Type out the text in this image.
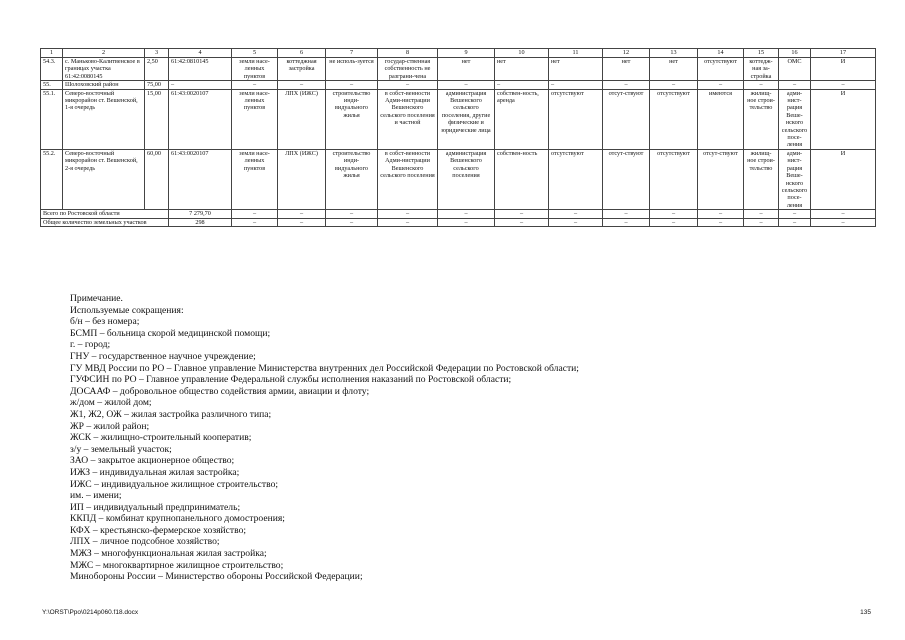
1	2	3	4	5	6	7	8	9	10	11	12	13	14	15	16	17
54.3.	с. Маньково-Калитвенское в границах участка 61:42:0080145	2,50	61:42:0810145	земли насе-ленных пунктов	коттеджная застройка	не исполь-зуется	государ-ственная собственность не разграни-чена	нет	нет	нет	нет	нет	отсутствуют	коттедж-ная за-стройка	ОМС	И
55.	Шолоховский район	75,00	–	–	–	–	–	–	–	–	–	–	–	–	–	–
55.1.	Северо-восточный микрорайон ст. Вешенской, 1-я очередь	15,00	61:43:0020107	земли насе-ленных пунктов	ЛПХ (ИЖС)	строительство инди-видуального жилья	в собст-венности Адми-нистрации Вешенского сельского поселения и частной	администрация Вешенского сельского поселения, другие физические и юридические лица	собствен-ность, аренда	отсутствуют	отсут-ствуют	отсутствуют	имеются	жилищ-ное строи-тельство	адми-нист-рация Веше-нского сельского посе-ления	И
55.2.	Северо-восточный микрорайон ст. Вешенской, 2-я очередь	60,00	61:43:0020107	земли насе-ленных пунктов	ЛПХ (ИЖС)	строительство инди-видуального жилья	в собст-венности Адми-нистрации Вешенского сельского поселения	администрация Вешенского сельского поселения	собствен-ность	отсутствуют	отсут-ствуют	отсутствуют	отсут-ствуют	жилищ-ное строи-тельство	адми-нист-рация Веше-нского сельского посе-ления	И
Всего по Ростовской области			7 279,70	–	–	–	–	–	–	–	–	–	–	–	–	–
Общее количество земельных участков			298	–	–	–	–	–	–	–	–	–	–	–	–	–
Примечание.
Используемые сокращения:
б/н – без номера;
БСМП – больница скорой медицинской помощи;
г. – город;
ГНУ – государственное научное учреждение;
ГУ МВД России по РО – Главное управление Министерства внутренних дел Российской Федерации по Ростовской области;
ГУФСИН по РО – Главное управление Федеральной службы исполнения наказаний по Ростовской области;
ДОСААФ – добровольное общество содействия армии, авиации и флоту;
ж/дом – жилой дом;
Ж1, Ж2, ОЖ – жилая застройка различного типа;
ЖР – жилой район;
ЖСК – жилищно-строительный кооператив;
з/у – земельный участок;
ЗАО – закрытое акционерное общество;
ИЖЗ – индивидуальная жилая застройка;
ИЖС – индивидуальное жилищное строительство;
им. – имени;
ИП – индивидуальный предприниматель;
ККПД – комбинат крупнопанельного домостроения;
КФХ – крестьянско-фермерское хозяйство;
ЛПХ – личное подсобное хозяйство;
МЖЗ – многофункциональная жилая застройка;
МЖС – многоквартирное жилищное строительство;
Минобороны России – Министерство обороны Российской Федерации;
Y:\ORST\Ppo\0214p060.f18.docx	135
